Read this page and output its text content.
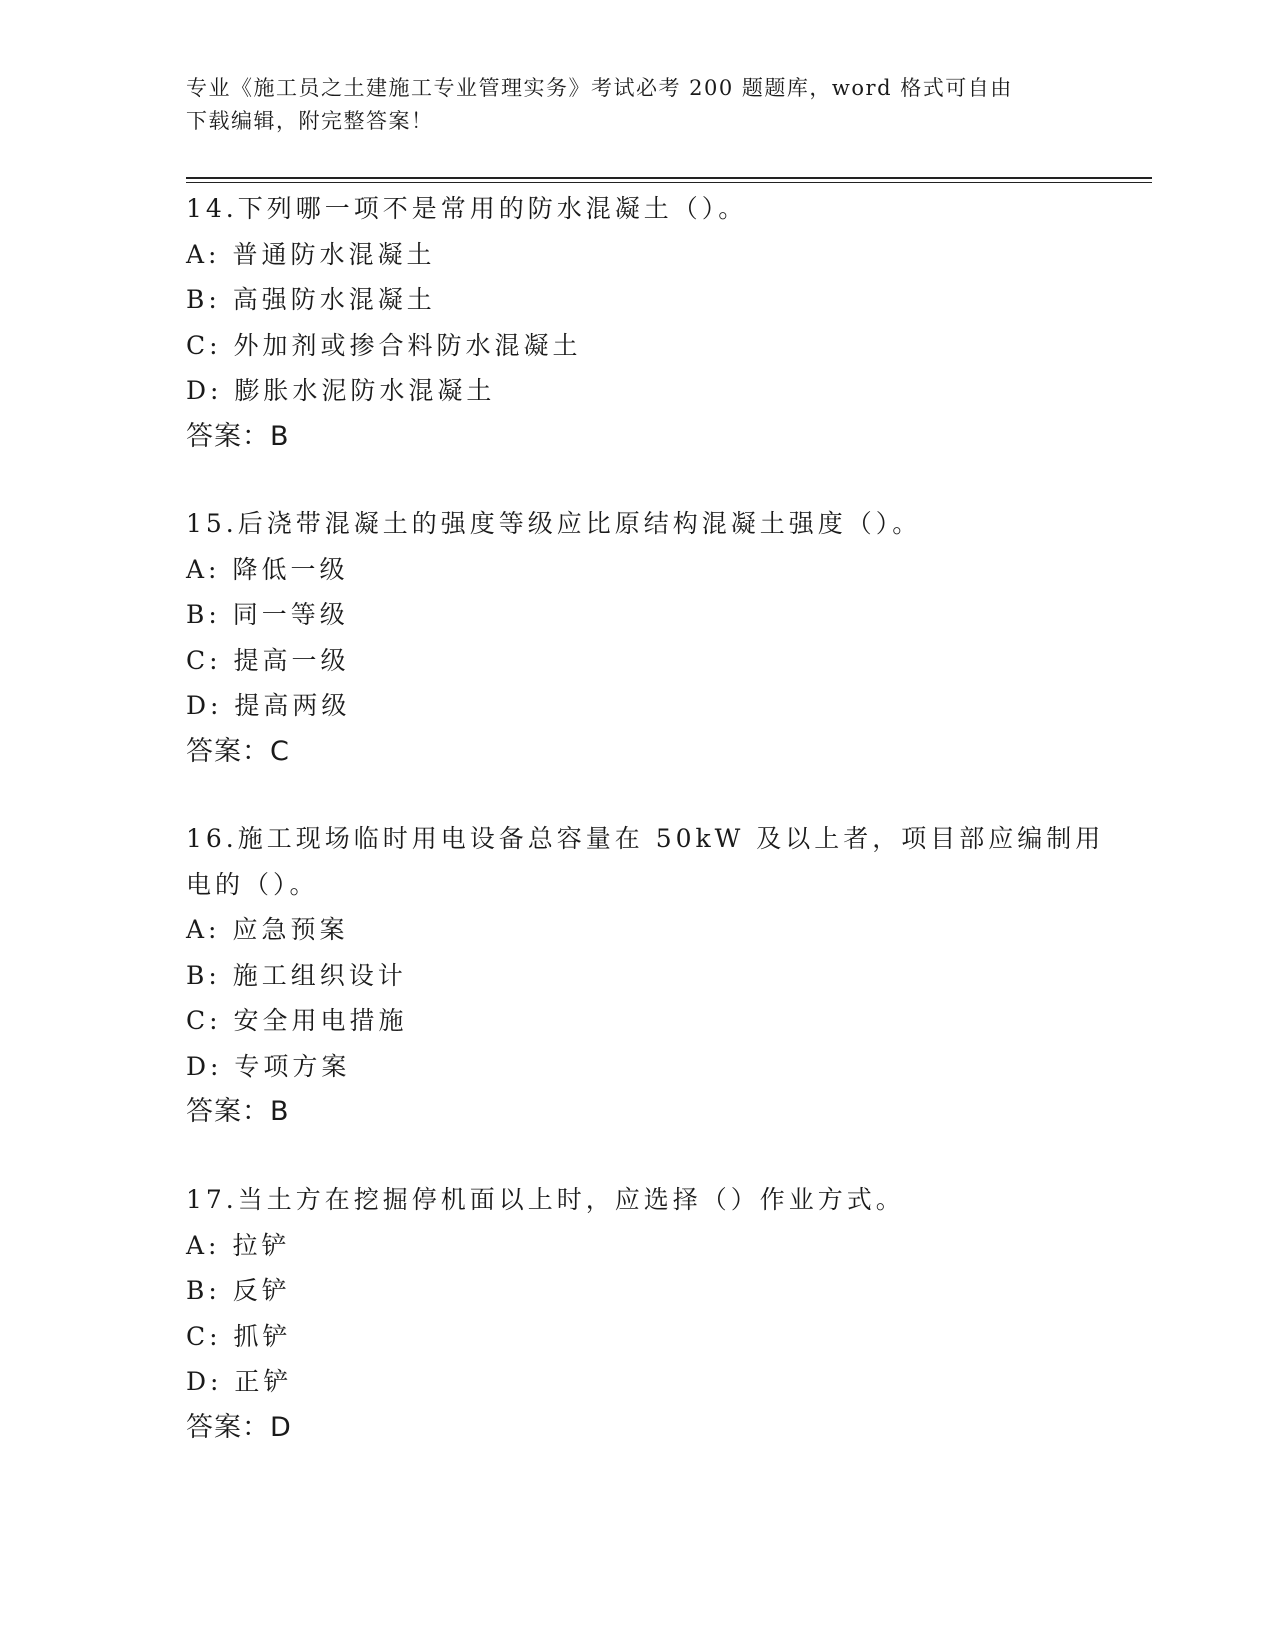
专业《施工员之土建施工专业管理实务》考试必考 200 题题库，word 格式可自由
下载编辑，附完整答案！
14.下列哪一项不是常用的防水混凝土（）。
A: 普通防水混凝土
B: 高强防水混凝土
C: 外加剂或掺合料防水混凝土
D: 膨胀水泥防水混凝土
答案：B
15.后浇带混凝土的强度等级应比原结构混凝土强度（）。
A: 降低一级
B: 同一等级
C: 提高一级
D: 提高两级
答案：C
16.施工现场临时用电设备总容量在 50kW 及以上者，项目部应编制用
电的（）。
A: 应急预案
B: 施工组织设计
C: 安全用电措施
D: 专项方案
答案：B
17.当土方在挖掘停机面以上时，应选择（）作业方式。
A: 拉铲
B: 反铲
C: 抓铲
D: 正铲
答案：D
